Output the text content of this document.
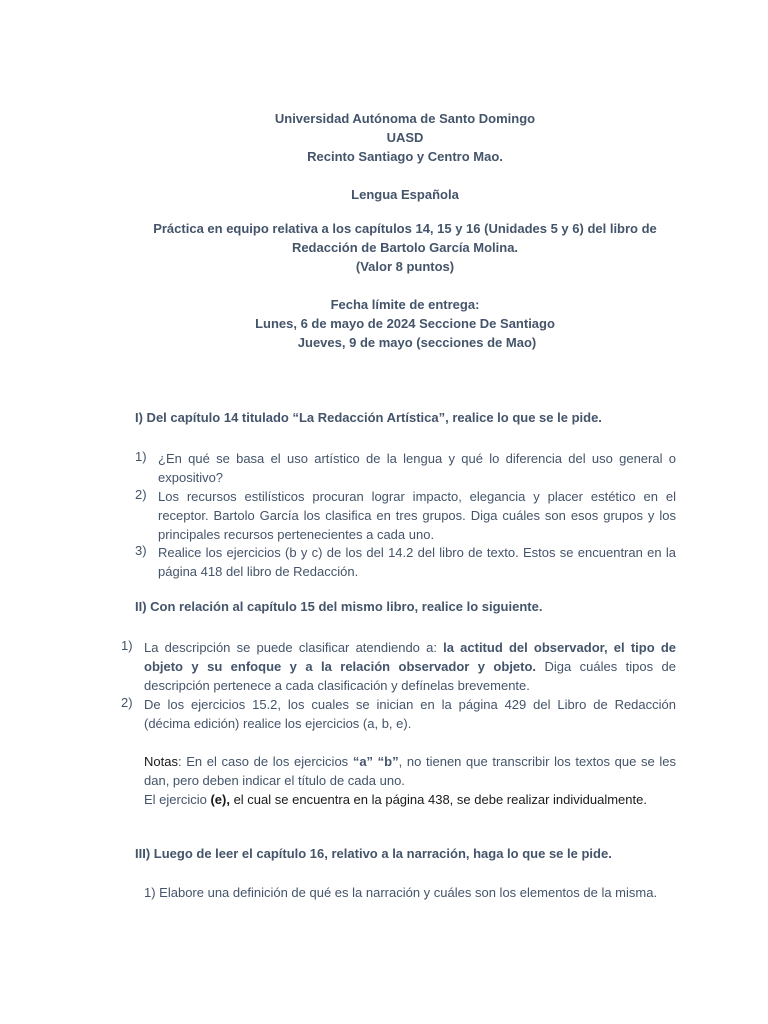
Universidad Autónoma de Santo Domingo
UASD
Recinto Santiago y Centro Mao.
Lengua Española
Práctica en equipo relativa a los capítulos 14, 15 y 16 (Unidades 5 y 6) del libro de
Redacción de Bartolo García Molina.
(Valor 8 puntos)
Fecha límite de entrega:
Lunes, 6 de mayo de 2024 Seccione De Santiago
Jueves, 9 de mayo (secciones de Mao)
I) Del capítulo 14 titulado “La Redacción Artística”, realice lo que se le pide.
1) ¿En qué se basa el uso artístico de la lengua y qué lo diferencia del uso general o expositivo?
2) Los recursos estilísticos procuran lograr impacto, elegancia y placer estético en el receptor. Bartolo García los clasifica en tres grupos. Diga cuáles son esos grupos y los principales recursos pertenecientes a cada uno.
3) Realice los ejercicios (b y c) de los del 14.2 del libro de texto. Estos se encuentran en la página 418 del libro de Redacción.
II) Con relación al capítulo 15 del mismo libro, realice lo siguiente.
1) La descripción se puede clasificar atendiendo a: la actitud del observador, el tipo de objeto y su enfoque y a la relación observador y objeto. Diga cuáles tipos de descripción pertenece a cada clasificación y defínelas brevemente.
2) De los ejercicios 15.2, los cuales se inician en la página 429 del Libro de Redacción (décima edición) realice los ejercicios (a, b, e).
Notas: En el caso de los ejercicios “a” “b”, no tienen que transcribir los textos que se les dan, pero deben indicar el título de cada uno.
El ejercicio (e), el cual se encuentra en la página 438, se debe realizar individualmente.
III) Luego de leer el capítulo 16, relativo a la narración, haga lo que se le pide.
1) Elabore una definición de qué es la narración y cuáles son los elementos de la misma.
